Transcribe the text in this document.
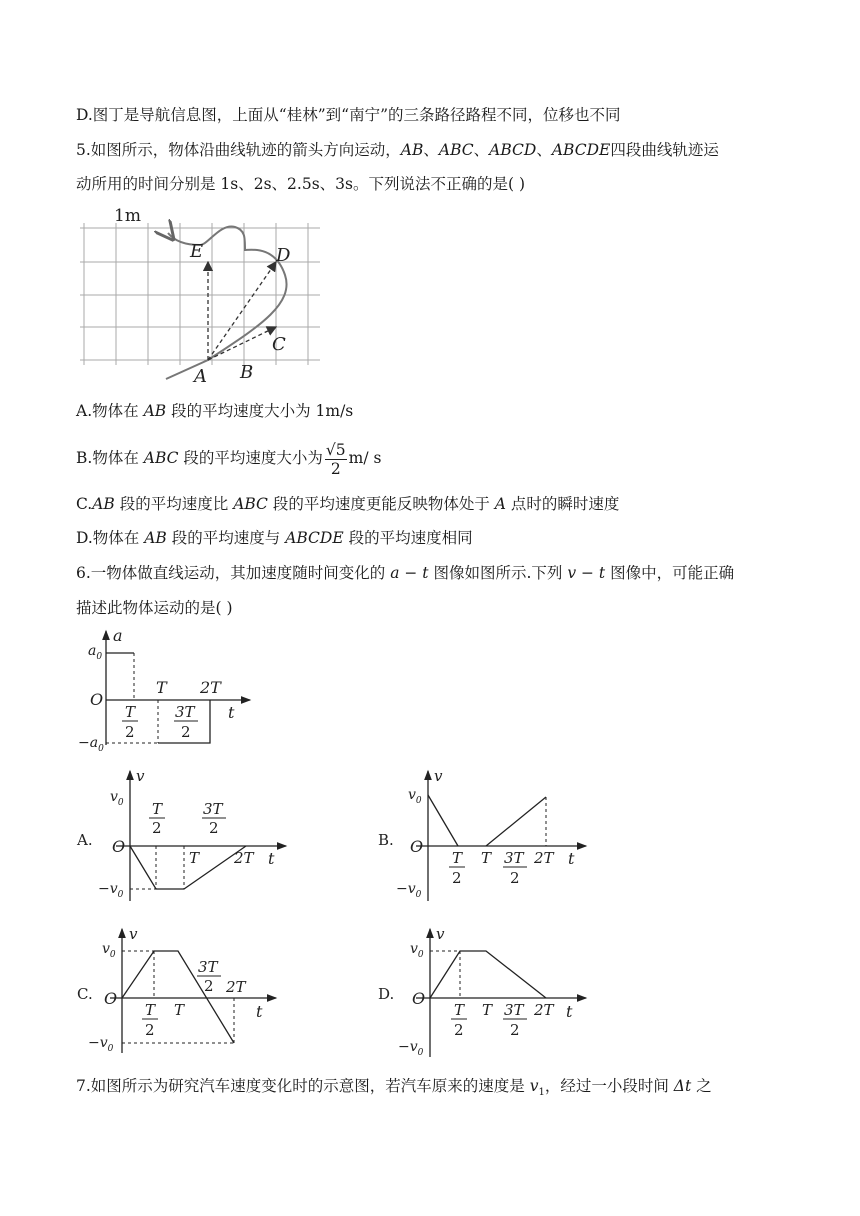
D.图丁是导航信息图，上面从“桂林”到“南宁”的三条路径路程不同，位移也不同
5.如图所示，物体沿曲线轨迹的箭头方向运动，AB、ABC、ABCD、ABCDE四段曲线轨迹运
动所用的时间分别是 1s、2s、2.5s、3s。下列说法不正确的是( )
1m
A B
C
D
E
A.物体在 AB 段的平均速度大小为 1m/s
B.物体在 ABC 段的平均速度大小为 $\frac{√5}{2} m/$ s
C.AB 段的平均速度比 ABC 段的平均速度更能反映物体处于 A 点时的瞬时速度
D.物体在 AB 段的平均速度与 ABCDE 段的平均速度相同
6.一物体做直线运动，其加速度随时间变化的 a − t 图像如图所示.下列 v − t 图像中，可能正确
描述此物体运动的是( )
a
$a_0$
O
$-a_0$
t
T 2T
T
2
3T
2
A.
v
$v_0$
O
$-v_0$
t
T
2
3T
2
T 2T
B.
v
$v_0$
O
$-v_0$
t
T	2T
T
2
3T
2
C.
v
$v_0$
O
$-v_0$
t
T
2T
T
2
3T
2	D.
v
$v_0$
O
$-v_0$
t
T	2T
T
2
3T
2
7.如图所示为研究汽车速度变化时的示意图，若汽车原来的速度是 $v_1$，经过一小段时间 Δt 之
